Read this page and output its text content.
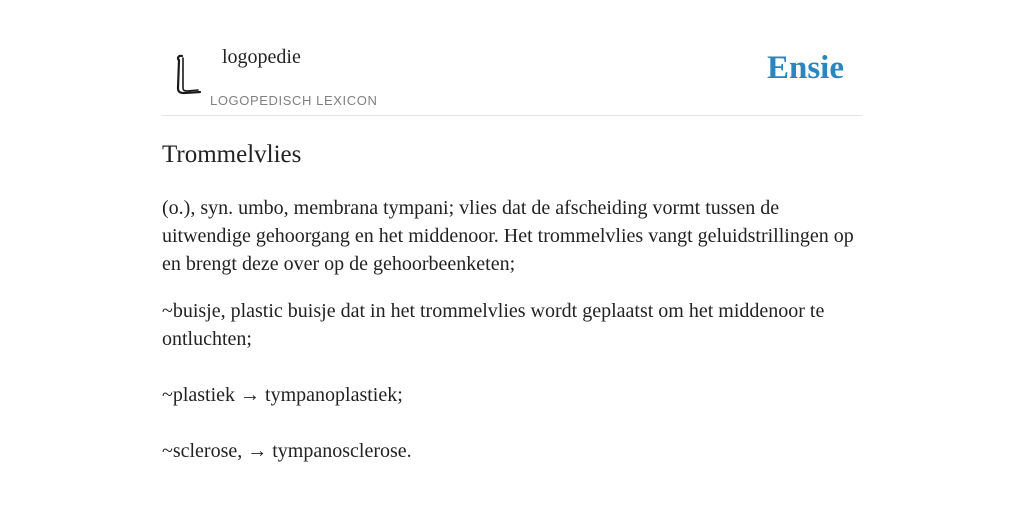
logopedie
LOGOPEDISCH LEXICON
Ensie
Trommelvlies

(o.), syn. umbo, membrana tympani; vlies dat de afscheiding vormt tussen de uitwendige gehoorgang en het middenoor. Het trommelvlies vangt geluidstrillingen op en brengt deze over op de gehoorbeenketen;

~buisje, plastic buisje dat in het trommelvlies wordt geplaatst om het middenoor te ontluchten;

~plastiek → tympanoplastiek;

~sclerose, → tympanosclerose.
